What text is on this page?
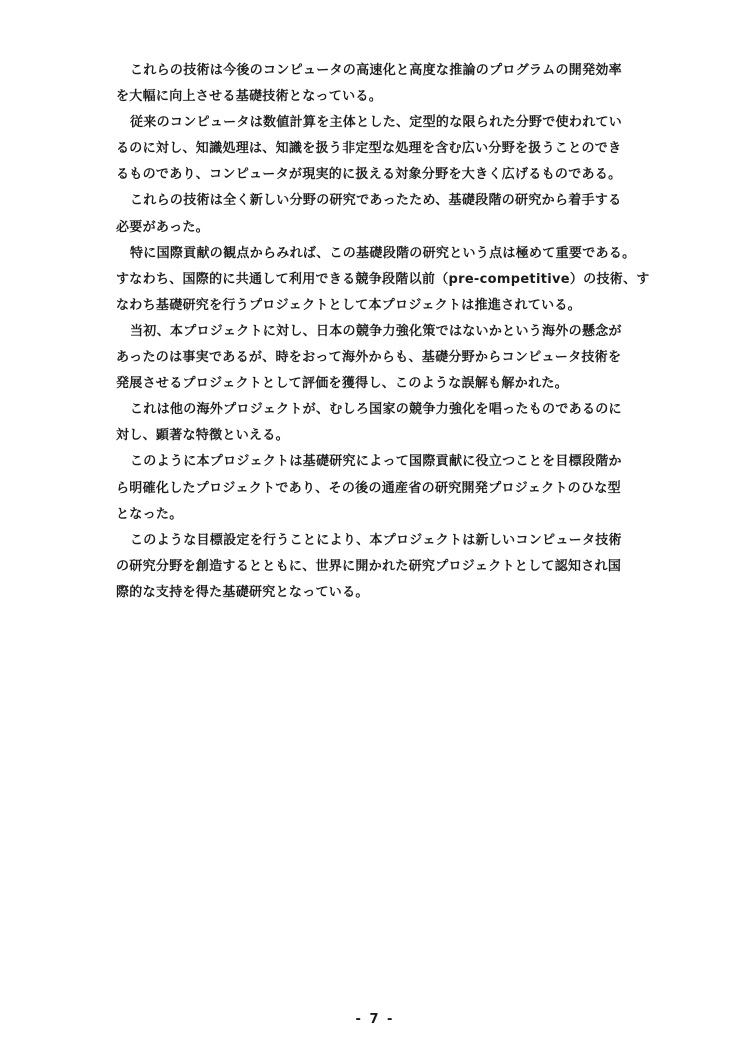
これらの技術は今後のコンピュータの高速化と高度な推論のプログラムの開発効率
を大幅に向上させる基礎技術となっている。
従来のコンピュータは数値計算を主体とした、定型的な限られた分野で使われてい
るのに対し、知識処理は、知識を扱う非定型な処理を含む広い分野を扱うことのでき
るものであり、コンピュータが現実的に扱える対象分野を大きく広げるものである。
これらの技術は全く新しい分野の研究であったため、基礎段階の研究から着手する
必要があった。
特に国際貢献の観点からみれば、この基礎段階の研究という点は極めて重要である。
すなわち、国際的に共通して利用できる競争段階以前（pre-competitive）の技術、す
なわち基礎研究を行うプロジェクトとして本プロジェクトは推進されている。
当初、本プロジェクトに対し、日本の競争力強化策ではないかという海外の懸念が
あったのは事実であるが、時をおって海外からも、基礎分野からコンピュータ技術を
発展させるプロジェクトとして評価を獲得し、このような誤解も解かれた。
これは他の海外プロジェクトが、むしろ国家の競争力強化を唱ったものであるのに
対し、顕著な特徴といえる。
このように本プロジェクトは基礎研究によって国際貢献に役立つことを目標段階か
ら明確化したプロジェクトであり、その後の通産省の研究開発プロジェクトのひな型
となった。
このような目標設定を行うことにより、本プロジェクトは新しいコンピュータ技術
の研究分野を創造するとともに、世界に開かれた研究プロジェクトとして認知され国
際的な支持を得た基礎研究となっている。
- 7 -
